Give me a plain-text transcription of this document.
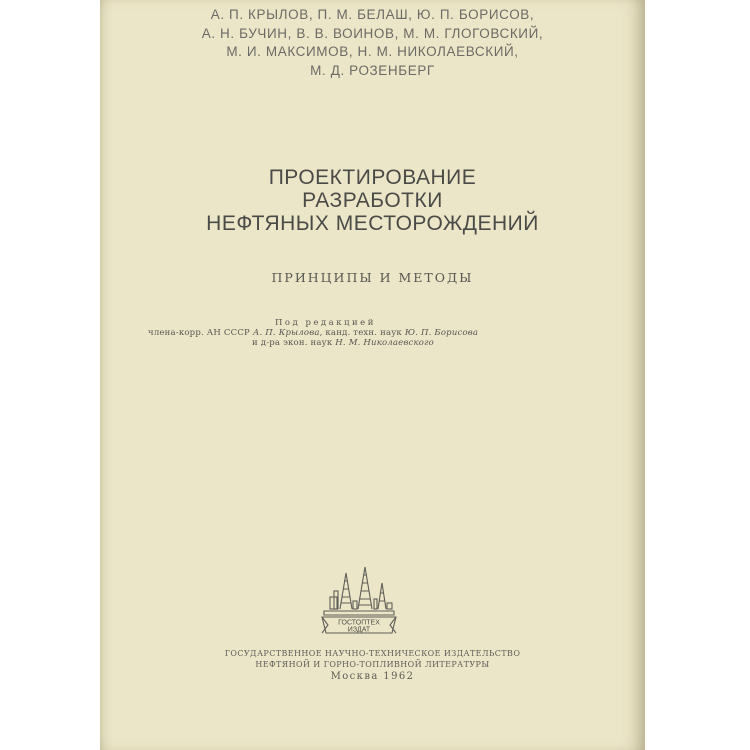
А. П. КРЫЛОВ, П. М. БЕЛАШ, Ю. П. БОРИСОВ,
А. Н. БУЧИН, В. В. ВОИНОВ, М. М. ГЛОГОВСКИЙ,
М. И. МАКСИМОВ, Н. М. НИКОЛАЕВСКИЙ,
М. Д. РОЗЕНБЕРГ
ПРОЕКТИРОВАНИЕ
РАЗРАБОТКИ
НЕФТЯНЫХ МЕСТОРОЖДЕНИЙ
ПРИНЦИПЫ И МЕТОДЫ
Под редакцией
члена-корр. АН СССР А. П. Крылова, канд. техн. наук Ю. П. Борисова
и д-ра экон. наук Н. М. Николаевского
ГОСТОПТЕХ
ИЗДАТ
ГОСУДАРСТВЕННОЕ НАУЧНО-ТЕХНИЧЕСКОЕ ИЗДАТЕЛЬСТВО
НЕФТЯНОЙ И ГОРНО-ТОПЛИВНОЙ ЛИТЕРАТУРЫ
Москва 1962
